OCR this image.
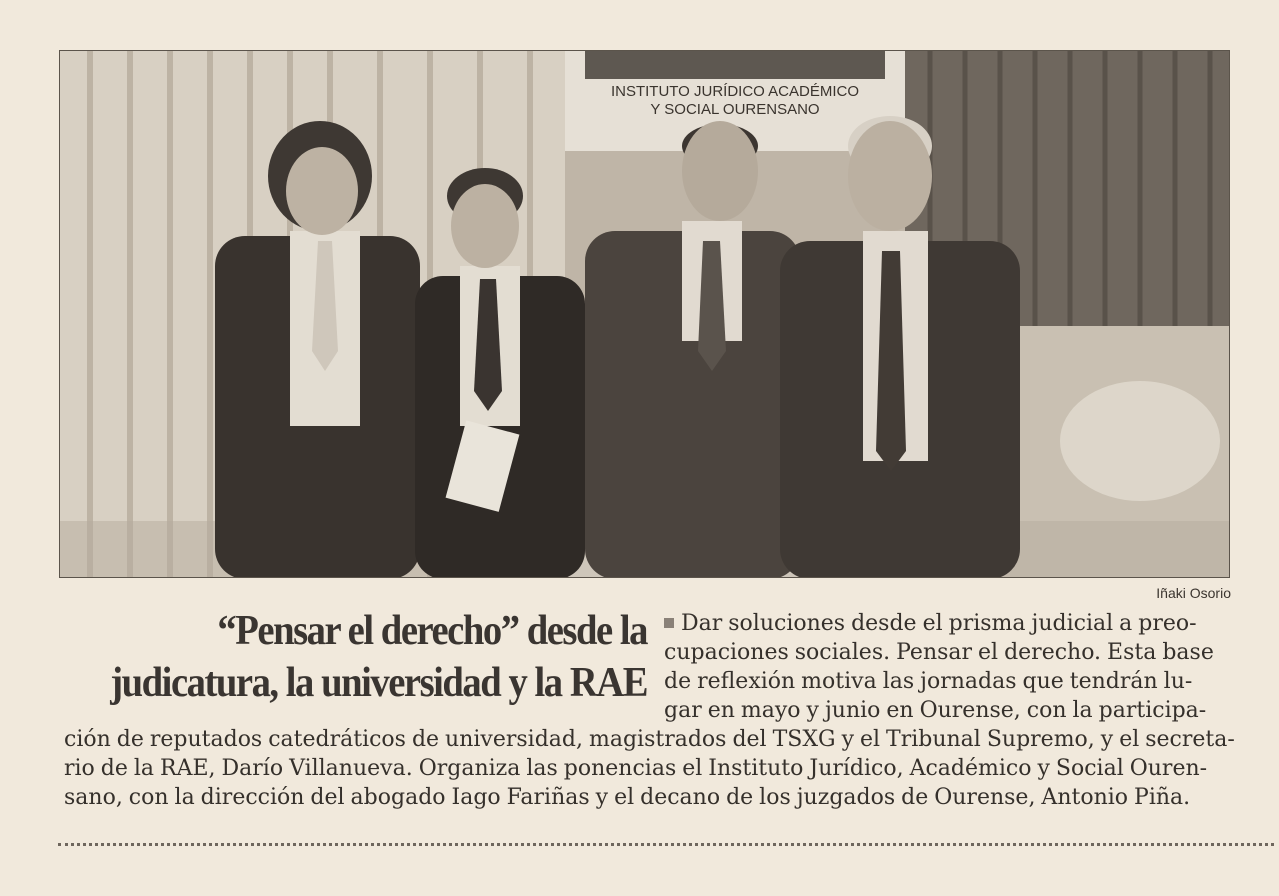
INSTITUTO JURÍDICO ACADÉMICO
Y SOCIAL OURENSANO
Iñaki Osorio
“Pensar el derecho” desde la
judicatura, la universidad y la RAE
Dar soluciones desde el prisma judicial a preo-
cupaciones sociales. Pensar el derecho. Esta base
de reflexión motiva las jornadas que tendrán lu-
gar en mayo y junio en Ourense, con la participa-
ción de reputados catedráticos de universidad, magistrados del TSXG y el Tribunal Supremo, y el secreta-
rio de la RAE, Darío Villanueva. Organiza las ponencias el Instituto Jurídico, Académico y Social Ouren-
sano, con la dirección del abogado Iago Fariñas y el decano de los juzgados de Ourense, Antonio Piña.
